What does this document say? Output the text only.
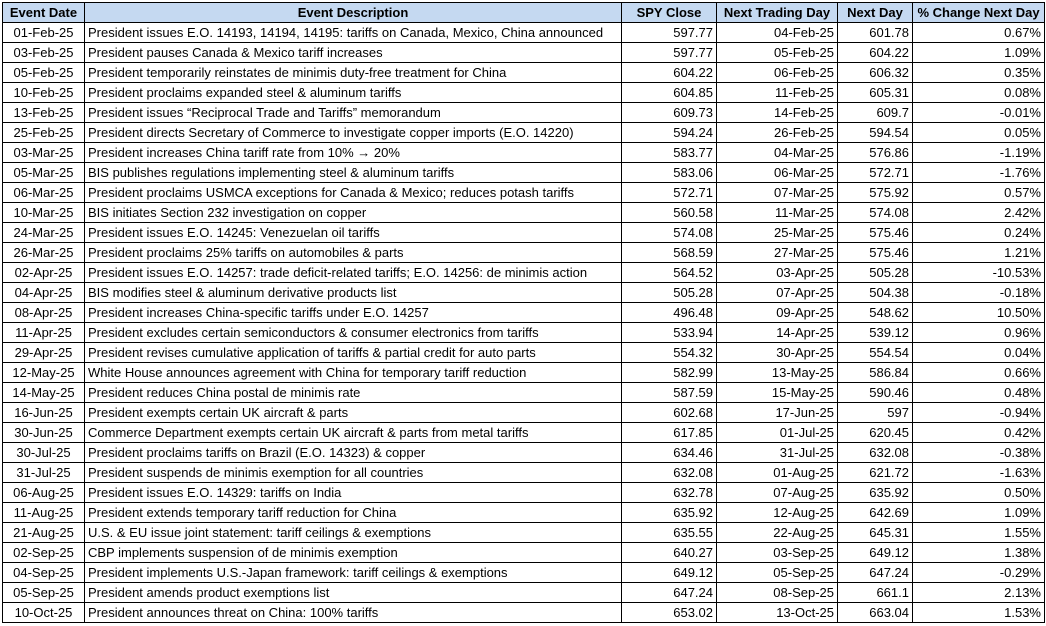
Event Date	Event Description	SPY Close	Next Trading Day	Next Day	% Change Next Day
01-Feb-25	President issues E.O. 14193, 14194, 14195: tariffs on Canada, Mexico, China announced	597.77	04-Feb-25	601.78	0.67%
03-Feb-25	President pauses Canada & Mexico tariff increases	597.77	05-Feb-25	604.22	1.09%
05-Feb-25	President temporarily reinstates de minimis duty-free treatment for China	604.22	06-Feb-25	606.32	0.35%
10-Feb-25	President proclaims expanded steel & aluminum tariffs	604.85	11-Feb-25	605.31	0.08%
13-Feb-25	President issues “Reciprocal Trade and Tariffs” memorandum	609.73	14-Feb-25	609.7	-0.01%
25-Feb-25	President directs Secretary of Commerce to investigate copper imports (E.O. 14220)	594.24	26-Feb-25	594.54	0.05%
03-Mar-25	President increases China tariff rate from 10% → 20%	583.77	04-Mar-25	576.86	-1.19%
05-Mar-25	BIS publishes regulations implementing steel & aluminum tariffs	583.06	06-Mar-25	572.71	-1.76%
06-Mar-25	President proclaims USMCA exceptions for Canada & Mexico; reduces potash tariffs	572.71	07-Mar-25	575.92	0.57%
10-Mar-25	BIS initiates Section 232 investigation on copper	560.58	11-Mar-25	574.08	2.42%
24-Mar-25	President issues E.O. 14245: Venezuelan oil tariffs	574.08	25-Mar-25	575.46	0.24%
26-Mar-25	President proclaims 25% tariffs on automobiles & parts	568.59	27-Mar-25	575.46	1.21%
02-Apr-25	President issues E.O. 14257: trade deficit-related tariffs; E.O. 14256: de minimis action	564.52	03-Apr-25	505.28	-10.53%
04-Apr-25	BIS modifies steel & aluminum derivative products list	505.28	07-Apr-25	504.38	-0.18%
08-Apr-25	President increases China-specific tariffs under E.O. 14257	496.48	09-Apr-25	548.62	10.50%
11-Apr-25	President excludes certain semiconductors & consumer electronics from tariffs	533.94	14-Apr-25	539.12	0.96%
29-Apr-25	President revises cumulative application of tariffs & partial credit for auto parts	554.32	30-Apr-25	554.54	0.04%
12-May-25	White House announces agreement with China for temporary tariff reduction	582.99	13-May-25	586.84	0.66%
14-May-25	President reduces China postal de minimis rate	587.59	15-May-25	590.46	0.48%
16-Jun-25	President exempts certain UK aircraft & parts	602.68	17-Jun-25	597	-0.94%
30-Jun-25	Commerce Department exempts certain UK aircraft & parts from metal tariffs	617.85	01-Jul-25	620.45	0.42%
30-Jul-25	President proclaims tariffs on Brazil (E.O. 14323) & copper	634.46	31-Jul-25	632.08	-0.38%
31-Jul-25	President suspends de minimis exemption for all countries	632.08	01-Aug-25	621.72	-1.63%
06-Aug-25	President issues E.O. 14329: tariffs on India	632.78	07-Aug-25	635.92	0.50%
11-Aug-25	President extends temporary tariff reduction for China	635.92	12-Aug-25	642.69	1.09%
21-Aug-25	U.S. & EU issue joint statement: tariff ceilings & exemptions	635.55	22-Aug-25	645.31	1.55%
02-Sep-25	CBP implements suspension of de minimis exemption	640.27	03-Sep-25	649.12	1.38%
04-Sep-25	President implements U.S.-Japan framework: tariff ceilings & exemptions	649.12	05-Sep-25	647.24	-0.29%
05-Sep-25	President amends product exemptions list	647.24	08-Sep-25	661.1	2.13%
10-Oct-25	President announces threat on China: 100% tariffs	653.02	13-Oct-25	663.04	1.53%
